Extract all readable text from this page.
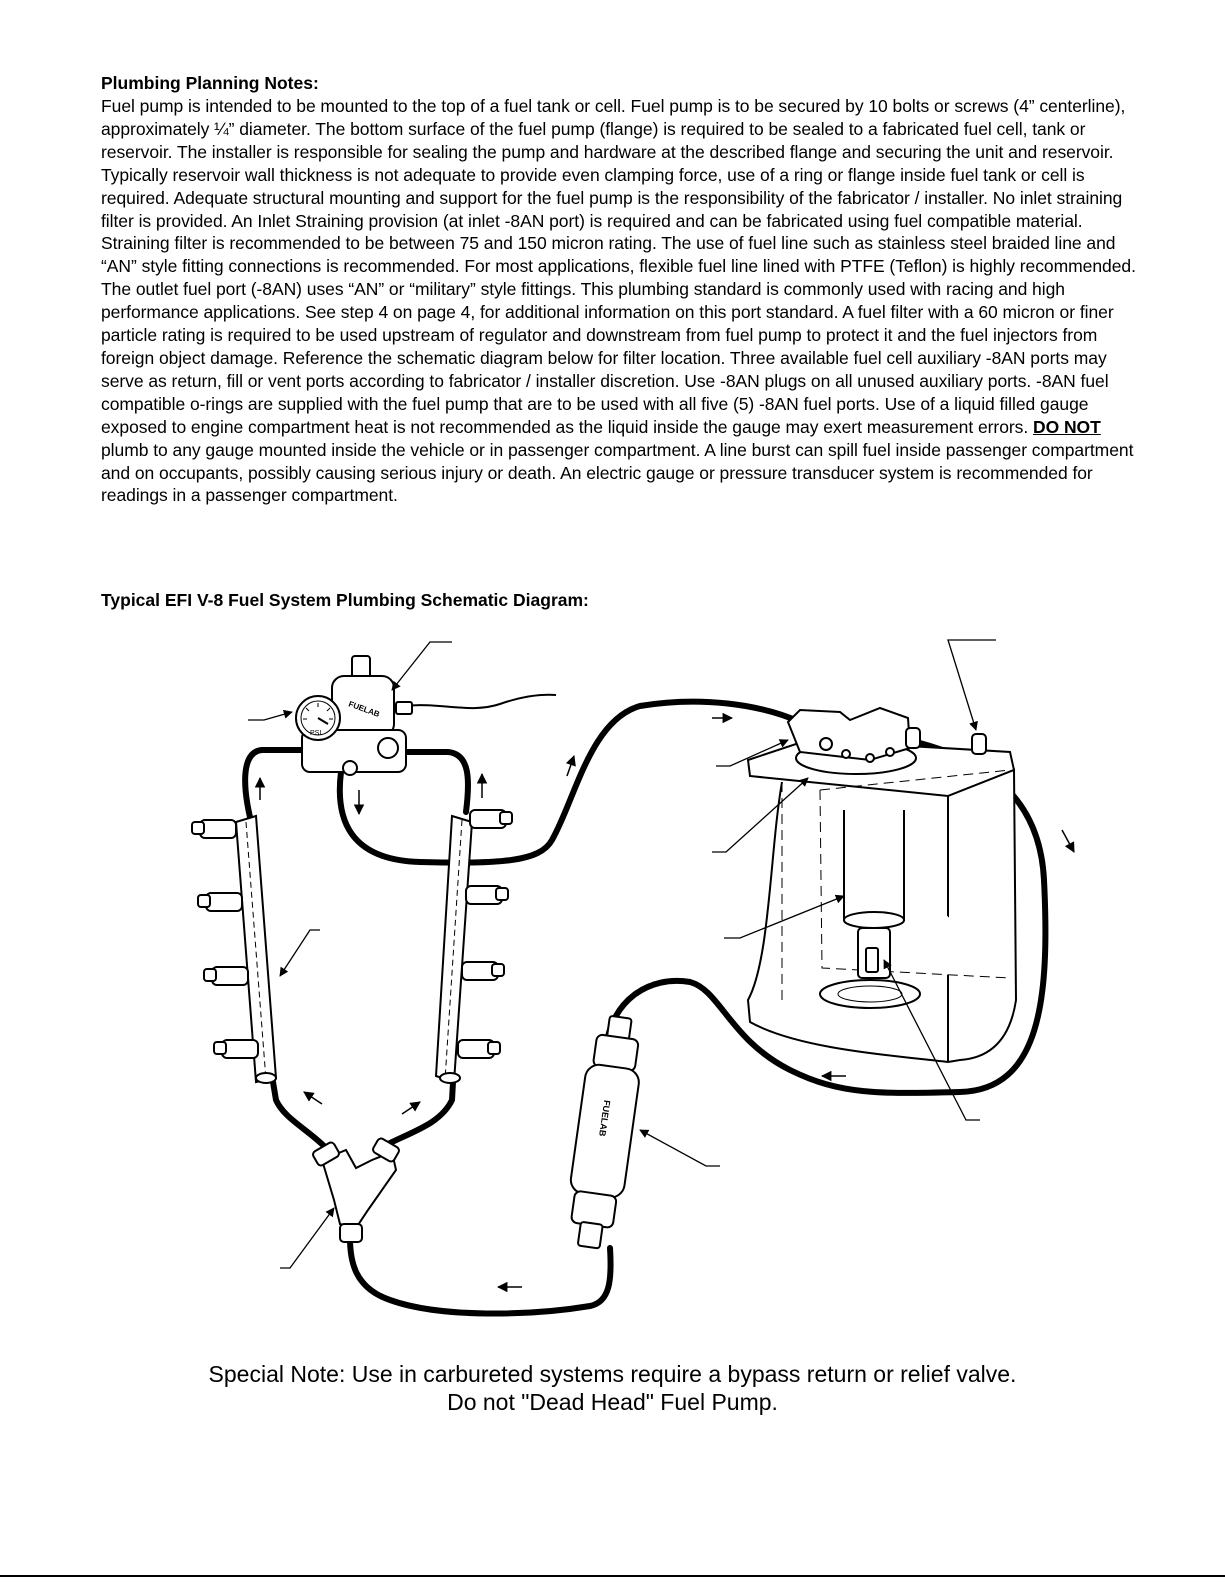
Plumbing Planning Notes:

Fuel pump is intended to be mounted to the top of a fuel tank or cell. Fuel pump is to be secured by 10 bolts or screws (4” centerline), approximately ¼” diameter. The bottom surface of the fuel pump (flange) is required to be sealed to a fabricated fuel cell, tank or reservoir. The installer is responsible for sealing the pump and hardware at the described flange and securing the unit and reservoir. Typically reservoir wall thickness is not adequate to provide even clamping force, use of a ring or flange inside fuel tank or cell is required. Adequate structural mounting and support for the fuel pump is the responsibility of the fabricator / installer. No inlet straining filter is provided. An Inlet Straining provision (at inlet -8AN port) is required and can be fabricated using fuel compatible material. Straining filter is recommended to be between 75 and 150 micron rating. The use of fuel line such as stainless steel braided line and “AN” style fitting connections is recommended. For most applications, flexible fuel line lined with PTFE (Teflon) is highly recommended. The outlet fuel port (-8AN) uses “AN” or “military” style fittings. This plumbing standard is commonly used with racing and high performance applications. See step 4 on page 4, for additional information on this port standard. A fuel filter with a 60 micron or finer particle rating is required to be used upstream of regulator and downstream from fuel pump to protect it and the fuel injectors from foreign object damage. Reference the schematic diagram below for filter location. Three available fuel cell auxiliary -8AN ports may serve as return, fill or vent ports according to fabricator / installer discretion. Use -8AN plugs on all unused auxiliary ports. -8AN fuel compatible o-rings are supplied with the fuel pump that are to be used with all five (5) -8AN fuel ports. Use of a liquid filled gauge exposed to engine compartment heat is not recommended as the liquid inside the gauge may exert measurement errors. DO NOT plumb to any gauge mounted inside the vehicle or in passenger compartment. A line burst can spill fuel inside passenger compartment and on occupants, possibly causing serious injury or death. An electric gauge or pressure transducer system is recommended for readings in a passenger compartment.

Typical EFI V-8 Fuel System Plumbing Schematic Diagram:
FUELAB
PSI
FUELAB

Special Note: Use in carbureted systems require a bypass return or relief valve.

Do not "Dead Head" Fuel Pump.
